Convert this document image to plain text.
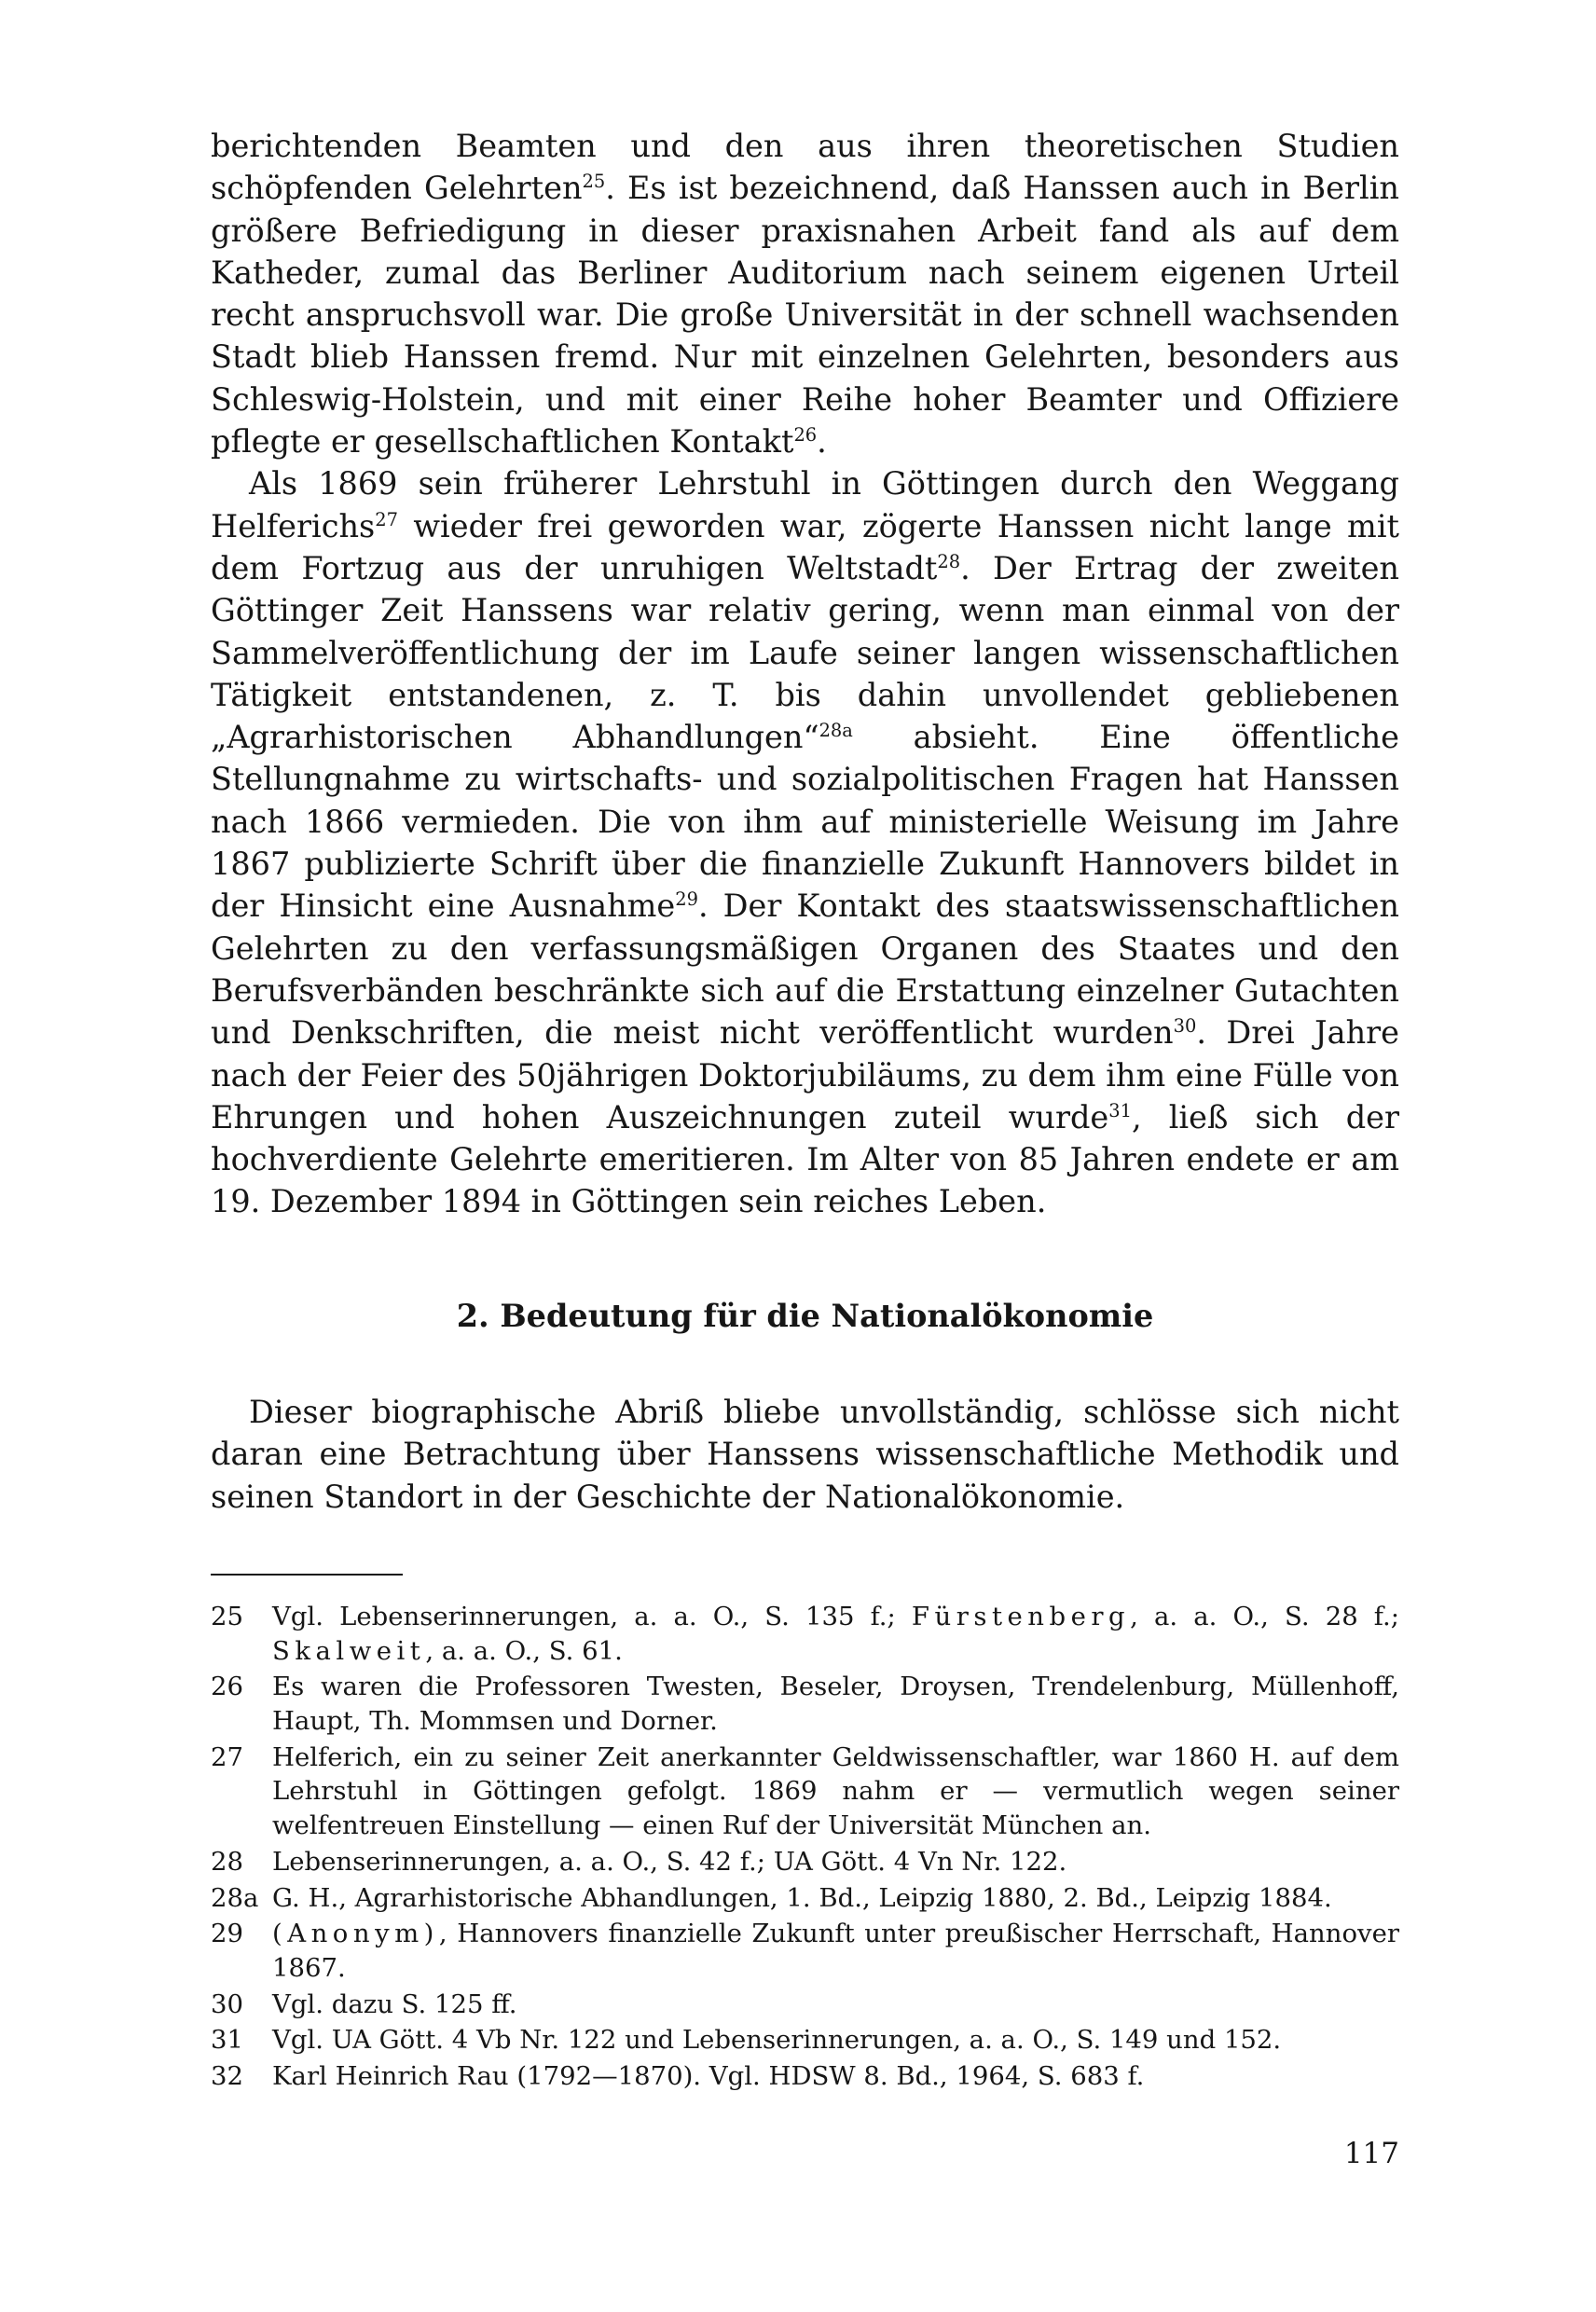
berichtenden Beamten und den aus ihren theoretischen Studien schöpfenden Gelehrten$^{25}$. Es ist bezeichnend, daß Hanssen auch in Berlin größere Befriedigung in dieser praxisnahen Arbeit fand als auf dem Katheder, zumal das Berliner Auditorium nach seinem eigenen Urteil recht anspruchsvoll war. Die große Universität in der schnell wachsenden Stadt blieb Hanssen fremd. Nur mit einzelnen Gelehrten, besonders aus Schleswig-Holstein, und mit einer Reihe hoher Beamter und Offiziere pflegte er gesellschaftlichen Kontakt$^{26}$.

Als 1869 sein früherer Lehrstuhl in Göttingen durch den Weggang Helferichs$^{27}$ wieder frei geworden war, zögerte Hanssen nicht lange mit dem Fortzug aus der unruhigen Weltstadt$^{28}$. Der Ertrag der zweiten Göttinger Zeit Hanssens war relativ gering, wenn man einmal von der Sammelveröffentlichung der im Laufe seiner langen wissenschaftlichen Tätigkeit entstandenen, z. T. bis dahin unvollendet gebliebenen „Agrarhistorischen Abhandlungen“$^{28a}$ absieht. Eine öffentliche Stellungnahme zu wirtschafts- und sozialpolitischen Fragen hat Hanssen nach 1866 vermieden. Die von ihm auf ministerielle Weisung im Jahre 1867 publizierte Schrift über die finanzielle Zukunft Hannovers bildet in der Hinsicht eine Ausnahme$^{29}$. Der Kontakt des staatswissenschaftlichen Gelehrten zu den verfassungsmäßigen Organen des Staates und den Berufsverbänden beschränkte sich auf die Erstattung einzelner Gutachten und Denkschriften, die meist nicht veröffentlicht wurden$^{30}$. Drei Jahre nach der Feier des 50jährigen Doktorjubiläums, zu dem ihm eine Fülle von Ehrungen und hohen Auszeichnungen zuteil wurde$^{31}$, ließ sich der hochverdiente Gelehrte emeritieren. Im Alter von 85 Jahren endete er am 19. Dezember 1894 in Göttingen sein reiches Leben.

2. Bedeutung für die Nationalökonomie

Dieser biographische Abriß bliebe unvollständig, schlösse sich nicht daran eine Betrachtung über Hanssens wissenschaftliche Methodik und seinen Standort in der Geschichte der Nationalökonomie.

25	Vgl. Lebenserinnerungen, a. a. O., S. 135 f.; Fürstenberg, a. a. O., S. 28 f.; Skalweit, a. a. O., S. 61.
26	Es waren die Professoren Twesten, Beseler, Droysen, Trendelenburg, Müllenhoff, Haupt, Th. Mommsen und Dorner.
27	Helferich, ein zu seiner Zeit anerkannter Geldwissenschaftler, war 1860 H. auf dem Lehrstuhl in Göttingen gefolgt. 1869 nahm er — vermutlich wegen seiner welfentreuen Einstellung — einen Ruf der Universität München an.
28	Lebenserinnerungen, a. a. O., S. 42 f.; UA Gött. 4 Vn Nr. 122.
28a G. H., Agrarhistorische Abhandlungen, 1. Bd., Leipzig 1880, 2. Bd., Leipzig 1884.
29	(Anonym), Hannovers finanzielle Zukunft unter preußischer Herrschaft, Hannover 1867.
30	Vgl. dazu S. 125 ff.
31	Vgl. UA Gött. 4 Vb Nr. 122 und Lebenserinnerungen, a. a. O., S. 149 und 152.
32	Karl Heinrich Rau (1792—1870). Vgl. HDSW 8. Bd., 1964, S. 683 f.

117
